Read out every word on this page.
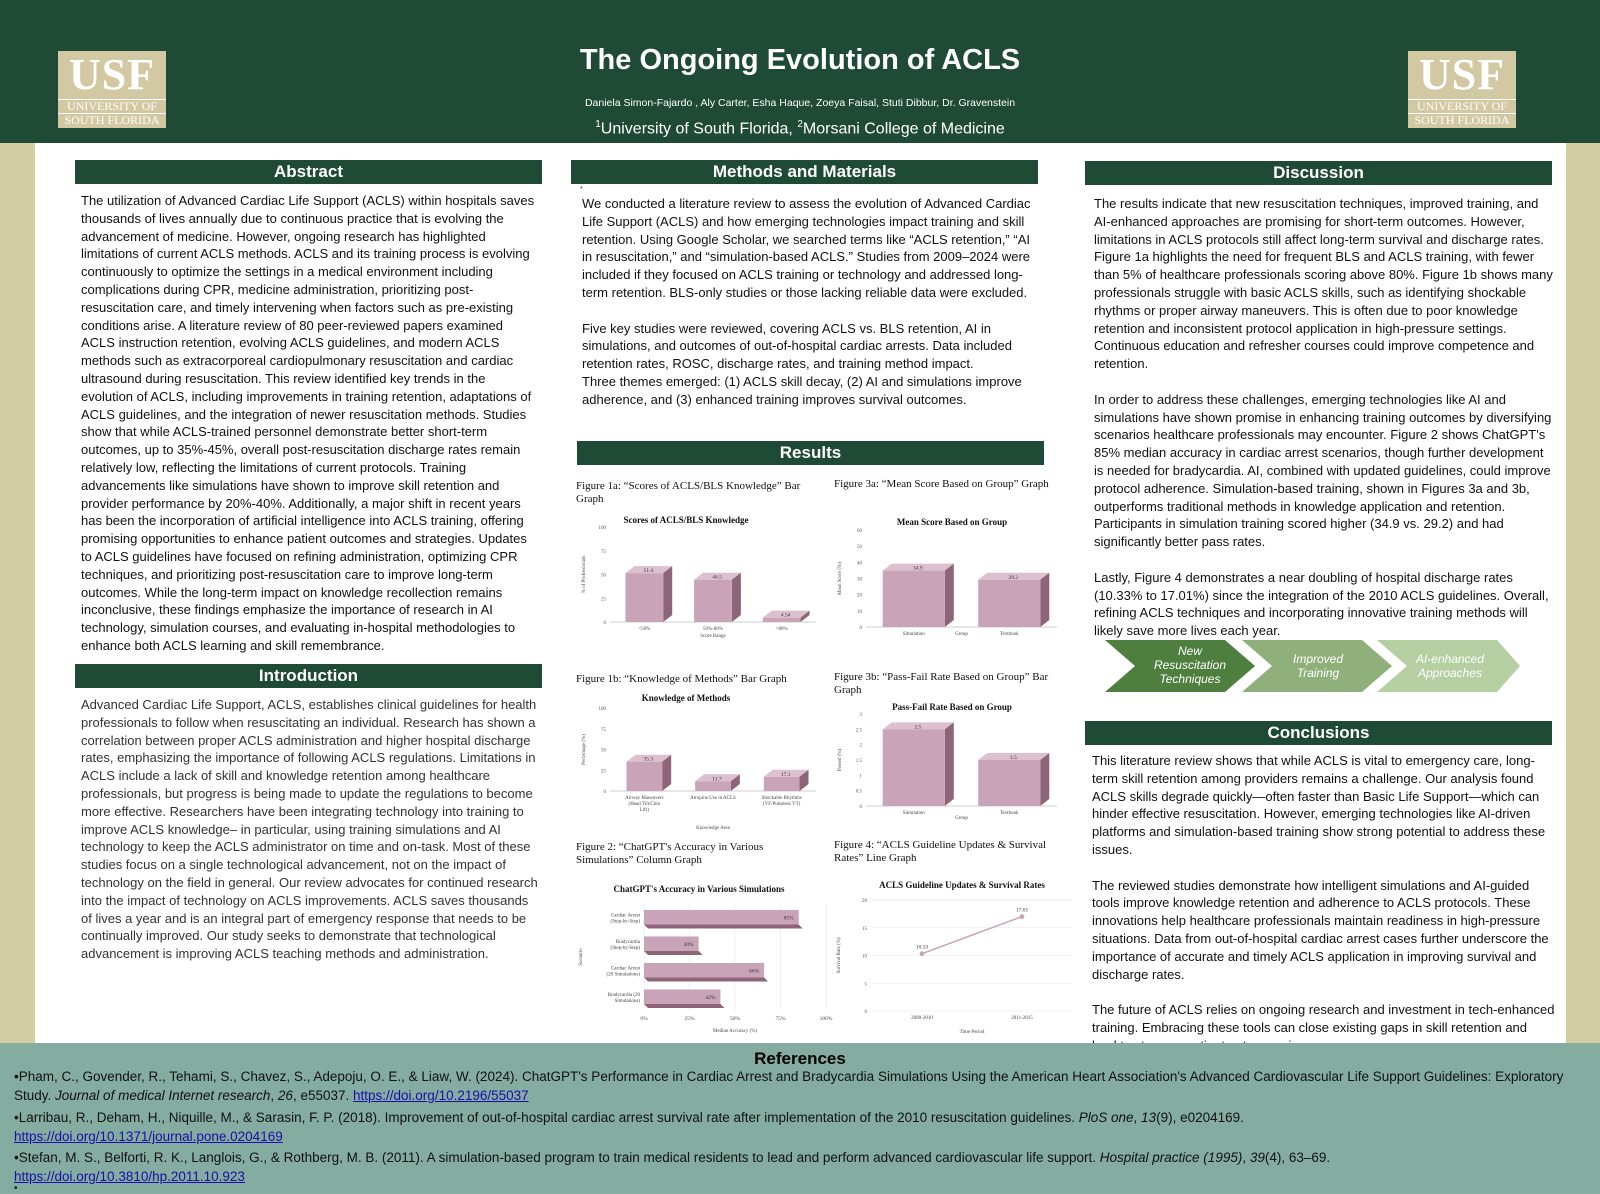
USF
UNIVERSITY OF
SOUTH FLORIDA
USF
UNIVERSITY OF
SOUTH FLORIDA
The Ongoing Evolution of ACLS
Daniela Simon-Fajardo , Aly Carter, Esha Haque, Zoeya Faisal, Stuti Dibbur, Dr. Gravenstein
$^1$University of South Florida, $^2$Morsani College of Medicine
Abstract
The utilization of Advanced Cardiac Life Support (ACLS) within hospitals saves thousands of lives annually due to continuous practice that is evolving the advancement of medicine. However, ongoing research has highlighted limitations of current ACLS methods. ACLS and its training process is evolving continuously to optimize the settings in a medical environment including complications during CPR, medicine administration, prioritizing post-resuscitation care, and timely intervening when factors such as pre-existing conditions arise. A literature review of 80 peer-reviewed papers examined ACLS instruction retention, evolving ACLS guidelines, and modern ACLS methods such as extracorporeal cardiopulmonary resuscitation and cardiac ultrasound during resuscitation. This review identified key trends in the evolution of ACLS, including improvements in training retention, adaptations of ACLS guidelines, and the integration of newer resuscitation methods. Studies show that while ACLS-trained personnel demonstrate better short-term outcomes, up to 35%-45%, overall post-resuscitation discharge rates remain relatively low, reflecting the limitations of current protocols. Training advancements like simulations have shown to improve skill retention and provider performance by 20%-40%. Additionally, a major shift in recent years has been the incorporation of artificial intelligence into ACLS training, offering promising opportunities to enhance patient outcomes and strategies. Updates to ACLS guidelines have focused on refining administration, optimizing CPR techniques, and prioritizing post-resuscitation care to improve long-term outcomes. While the long-term impact on knowledge recollection remains inconclusive, these findings emphasize the importance of research in AI technology, simulation courses, and evaluating in-hospital methodologies to enhance both ACLS learning and skill remembrance.
Introduction
Advanced Cardiac Life Support, ACLS, establishes clinical guidelines for health professionals to follow when resuscitating an individual. Research has shown a correlation between proper ACLS administration and higher hospital discharge rates, emphasizing the importance of following ACLS regulations. Limitations in ACLS include a lack of skill and knowledge retention among healthcare professionals, but progress is being made to update the regulations to become more effective. Researchers have been integrating technology into training to improve ACLS knowledge– in particular, using training simulations and AI technology to keep the ACLS administrator on time and on-task. Most of these studies focus on a single technological advancement, not on the impact of technology on the field in general. Our review advocates for continued research into the impact of technology on ACLS improvements. ACLS saves thousands of lives a year and is an integral part of emergency response that needs to be continually improved. Our study seeks to demonstrate that technological advancement is improving ACLS teaching methods and administration.
Methods and Materials
*

We conducted a literature review to assess the evolution of Advanced Cardiac Life Support (ACLS) and how emerging technologies impact training and skill retention. Using Google Scholar, we searched terms like “ACLS retention,” “AI in resuscitation,” and “simulation-based ACLS.” Studies from 2009–2024 were included if they focused on ACLS training or technology and addressed long-term retention. BLS-only studies or those lacking reliable data were excluded.

Five key studies were reviewed, covering ACLS vs. BLS retention, AI in simulations, and outcomes of out-of-hospital cardiac arrests. Data included retention rates, ROSC, discharge rates, and training method impact.

Three themes emerged: (1) ACLS skill decay, (2) AI and simulations improve adherence, and (3) enhanced training improves survival outcomes.

Results
Figure 1a: “Scores of ACLS/BLS Knowledge” Bar Graph
Figure 3a: “Mean Score Based on Group” Graph
Figure 1b: “Knowledge of Methods” Bar Graph	Figure 3b: “Pass-Fail Rate Based on Group” Bar Graph
Figure 2: “ChatGPT's Accuracy in Various Simulations” Column Graph
Figure 4: “ACLS Guideline Updates & Survival Rates” Line Graph
Scores of ACLS/BLS Knowledge
0
25
50
75
100
51.4
<50%
44.5
50%-80%
4.54
>80%
Score Range
% of Professionals
Mean Score Based on Group
0
10
20
30
40
50
60
34.9
Simulation
29.2
Textbook
Group
Mean Score (%)
Knowledge of Methods
0
25
50
75
100
35.3
Airway Maneuvers
(Head Tilt/Chin
Lift)
11.7
Atropine Use in ACLS
17.1
Shockable Rhythms
(VF/Pulseless VT)
Knowledge Area
Percentage (%)
Pass-Fail Rate Based on Group
0
0.5
1
1.5
2
2.5
3
2.5
Simulation
1.5
Textbook
Group
Passed (%)
ChatGPT's Accuracy in Various Simulations
0%	25%	50%	75%	100%
85%
Cardiac Arrest
(Step-by-Step)
30%
Bradycardia
(Step-by-Step)
66%
Cardiac Arrest
(20 Simulations)
42%
Bradycardia (20
Simulations)
Median Accuracy (%)
Scenario
ACLS Guideline Updates & Survival Rates
0
5
10
15
20
10.33
2000-2010
17.01
2011-2015
Time Period
Survival Rate (%)
Discussion

The results indicate that new resuscitation techniques, improved training, and AI-enhanced approaches are promising for short-term outcomes. However, limitations in ACLS protocols still affect long-term survival and discharge rates. Figure 1a highlights the need for frequent BLS and ACLS training, with fewer than 5% of healthcare professionals scoring above 80%. Figure 1b shows many professionals struggle with basic ACLS skills, such as identifying shockable rhythms or proper airway maneuvers. This is often due to poor knowledge retention and inconsistent protocol application in high-pressure settings. Continuous education and refresher courses could improve competence and retention.

In order to address these challenges, emerging technologies like AI and simulations have shown promise in enhancing training outcomes by diversifying scenarios healthcare professionals may encounter. Figure 2 shows ChatGPT's 85% median accuracy in cardiac arrest scenarios, though further development is needed for bradycardia. AI, combined with updated guidelines, could improve protocol adherence. Simulation-based training, shown in Figures 3a and 3b, outperforms traditional methods in knowledge application and retention. Participants in simulation training scored higher (34.9 vs. 29.2) and had significantly better pass rates.

Lastly, Figure 4 demonstrates a near doubling of hospital discharge rates (10.33% to 17.01%) since the integration of the 2010 ACLS guidelines. Overall, refining ACLS techniques and incorporating innovative training methods will likely save more lives each year.

New
Resuscitation
Techniques
Improved
Training
AI-enhanced
Approaches
Conclusions

This literature review shows that while ACLS is vital to emergency care, long-term skill retention among providers remains a challenge. Our analysis found ACLS skills degrade quickly—often faster than Basic Life Support—which can hinder effective resuscitation. However, emerging technologies like AI-driven platforms and simulation-based training show strong potential to address these issues.

The reviewed studies demonstrate how intelligent simulations and AI-guided tools improve knowledge retention and adherence to ACLS protocols. These innovations help healthcare professionals maintain readiness in high-pressure situations. Data from out-of-hospital cardiac arrest cases further underscore the importance of accurate and timely ACLS application in improving survival and discharge rates.

The future of ACLS relies on ongoing research and investment in tech-enhanced training. Embracing these tools can close existing gaps in skill retention and

References
•Pham, C., Govender, R., Tehami, S., Chavez, S., Adepoju, O. E., & Liaw, W. (2024). ChatGPT's Performance in Cardiac Arrest and Bradycardia Simulations Using the American Heart Association's Advanced Cardiovascular Life Support Guidelines: Exploratory Study. Journal of medical Internet research, 26, e55037. https://doi.org/10.2196/55037
•Larribau, R., Deham, H., Niquille, M., & Sarasin, F. P. (2018). Improvement of out-of-hospital cardiac arrest survival rate after implementation of the 2010 resuscitation guidelines. PloS one, 13(9), e0204169.
https://doi.org/10.1371/journal.pone.0204169
•Stefan, M. S., Belforti, R. K., Langlois, G., & Rothberg, M. B. (2011). A simulation-based program to train medical residents to lead and perform advanced cardiovascular life support. Hospital practice (1995), 39(4), 63–69.
https://doi.org/10.3810/hp.2011.10.923
•
